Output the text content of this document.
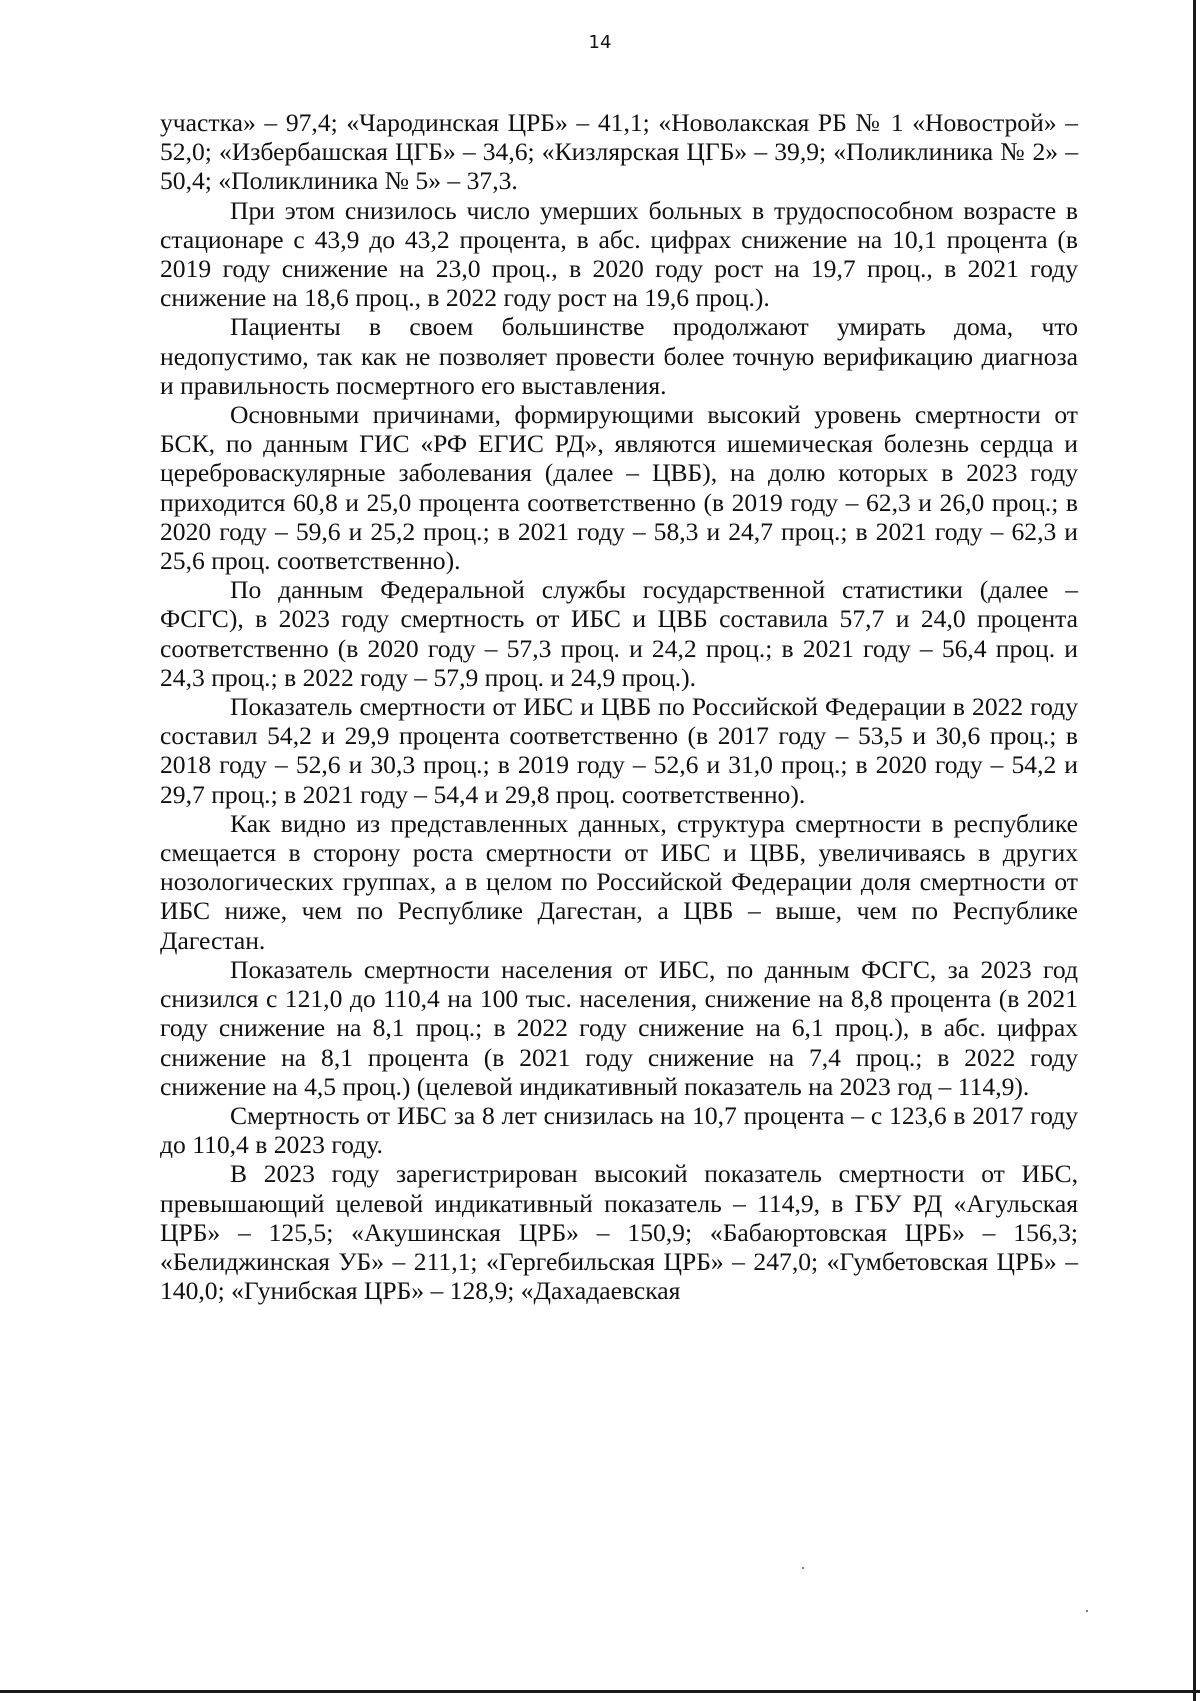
14

участка» – 97,4; «Чародинская ЦРБ» – 41,1; «Новолакская РБ № 1 «Новострой» – 52,0; «Избербашская ЦГБ» – 34,6; «Кизлярская ЦГБ» – 39,9; «Поликлиника № 2» – 50,4; «Поликлиника № 5» – 37,3.

При этом снизилось число умерших больных в трудоспособном возрасте в стационаре с 43,9 до 43,2 процента, в абс. цифрах снижение на 10,1 процента (в 2019 году снижение на 23,0 проц., в 2020 году рост на 19,7 проц., в 2021 году снижение на 18,6 проц., в 2022 году рост на 19,6 проц.).

Пациенты в своем большинстве продолжают умирать дома, что недопустимо, так как не позволяет провести более точную верификацию диагноза и правильность посмертного его выставления.

Основными причинами, формирующими высокий уровень смертности от БСК, по данным ГИС «РФ ЕГИС РД», являются ишемическая болезнь сердца и цереброваскулярные заболевания (далее – ЦВБ), на долю которых в 2023 году приходится 60,8 и 25,0 процента соответственно (в 2019 году – 62,3 и 26,0 проц.; в 2020 году – 59,6 и 25,2 проц.; в 2021 году – 58,3 и 24,7 проц.; в 2021 году – 62,3 и 25,6 проц. соответственно).

По данным Федеральной службы государственной статистики (далее – ФСГС), в 2023 году смертность от ИБС и ЦВБ составила 57,7 и 24,0 процента соответственно (в 2020 году – 57,3 проц. и 24,2 проц.; в 2021 году – 56,4 проц. и 24,3 проц.; в 2022 году – 57,9 проц. и 24,9 проц.).

Показатель смертности от ИБС и ЦВБ по Российской Федерации в 2022 году составил 54,2 и 29,9 процента соответственно (в 2017 году – 53,5 и 30,6 проц.; в 2018 году – 52,6 и 30,3 проц.; в 2019 году – 52,6 и 31,0 проц.; в 2020 году – 54,2 и 29,7 проц.; в 2021 году – 54,4 и 29,8 проц. соответственно).

Как видно из представленных данных, структура смертности в республике смещается в сторону роста смертности от ИБС и ЦВБ, увеличиваясь в других нозологических группах, а в целом по Российской Федерации доля смертности от ИБС ниже, чем по Республике Дагестан, а ЦВБ – выше, чем по Республике Дагестан.

Показатель смертности населения от ИБС, по данным ФСГС, за 2023 год снизился с 121,0 до 110,4 на 100 тыс. населения, снижение на 8,8 процента (в 2021 году снижение на 8,1 проц.; в 2022 году снижение на 6,1 проц.), в абс. цифрах снижение на 8,1 процента (в 2021 году снижение на 7,4 проц.; в 2022 году снижение на 4,5 проц.) (целевой индикативный показатель на 2023 год – 114,9).

Смертность от ИБС за 8 лет снизилась на 10,7 процента – с 123,6 в 2017 году до 110,4 в 2023 году.

В 2023 году зарегистрирован высокий показатель смертности от ИБС, превышающий целевой индикативный показатель – 114,9, в ГБУ РД «Агульская ЦРБ» – 125,5; «Акушинская ЦРБ» – 150,9; «Бабаюртовская ЦРБ» – 156,3; «Белиджинская УБ» – 211,1; «Гергебильская ЦРБ» – 247,0; «Гумбетовская ЦРБ» – 140,0; «Гунибская ЦРБ» – 128,9; «Дахадаевская
